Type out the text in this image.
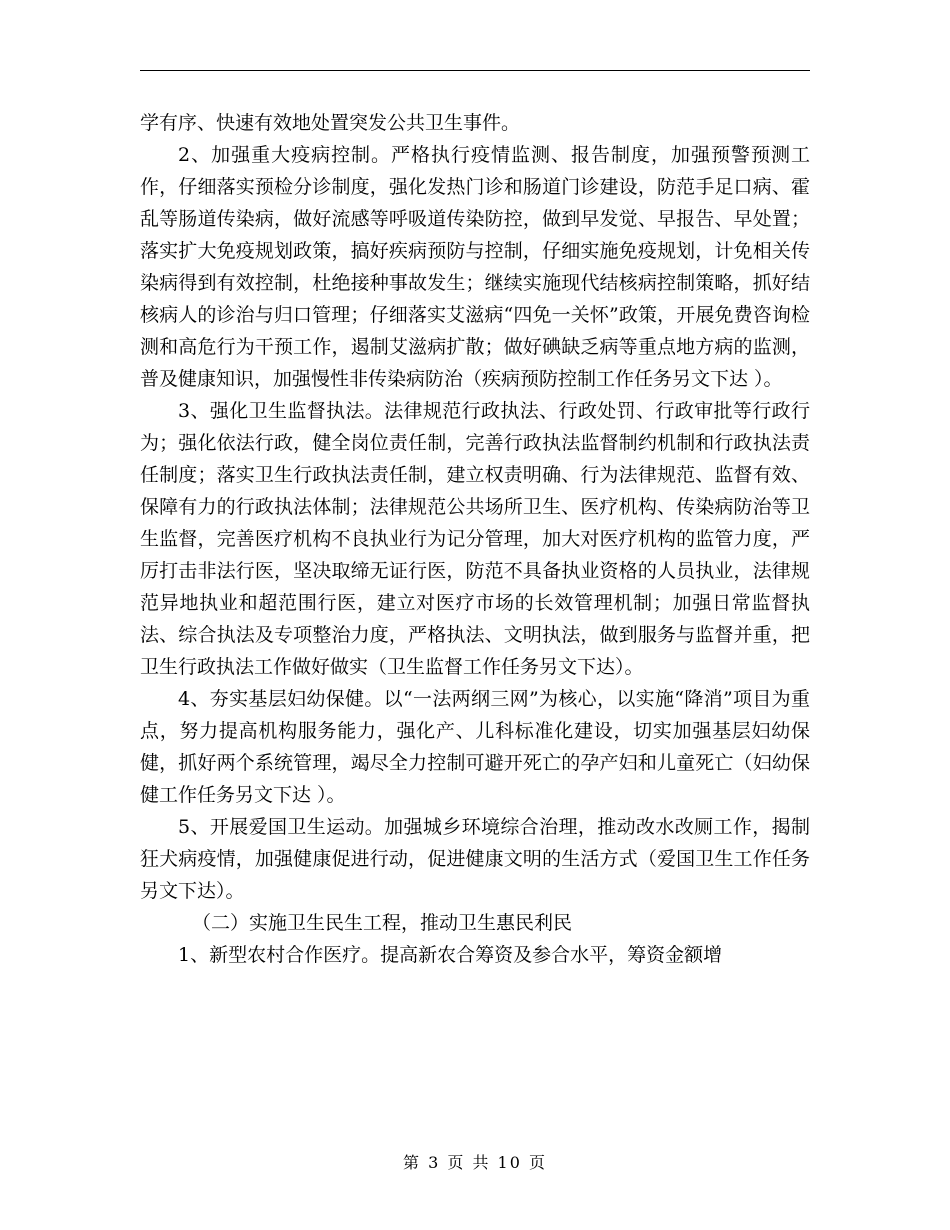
学有序、快速有效地处置突发公共卫生事件。

2、加强重大疫病控制。严格执行疫情监测、报告制度，加强预警预测工作，仔细落实预检分诊制度，强化发热门诊和肠道门诊建设，防范手足口病、霍乱等肠道传染病，做好流感等呼吸道传染防控，做到早发觉、早报告、早处置；落实扩大免疫规划政策，搞好疾病预防与控制，仔细实施免疫规划，计免相关传染病得到有效控制，杜绝接种事故发生；继续实施现代结核病控制策略，抓好结核病人的诊治与归口管理；仔细落实艾滋病“四免一关怀”政策，开展免费咨询检测和高危行为干预工作，遏制艾滋病扩散；做好碘缺乏病等重点地方病的监测，普及健康知识，加强慢性非传染病防治（疾病预防控制工作任务另文下达 ）。

3、强化卫生监督执法。法律规范行政执法、行政处罚、行政审批等行政行为；强化依法行政，健全岗位责任制，完善行政执法监督制约机制和行政执法责任制度；落实卫生行政执法责任制，建立权责明确、行为法律规范、监督有效、保障有力的行政执法体制；法律规范公共场所卫生、医疗机构、传染病防治等卫生监督，完善医疗机构不良执业行为记分管理，加大对医疗机构的监管力度，严厉打击非法行医，坚决取缔无证行医，防范不具备执业资格的人员执业，法律规范异地执业和超范围行医，建立对医疗市场的长效管理机制；加强日常监督执法、综合执法及专项整治力度，严格执法、文明执法，做到服务与监督并重，把卫生行政执法工作做好做实（卫生监督工作任务另文下达）。

4、夯实基层妇幼保健。以“一法两纲三网”为核心，以实施“降消”项目为重点，努力提高机构服务能力，强化产、儿科标准化建设，切实加强基层妇幼保健，抓好两个系统管理，竭尽全力控制可避开死亡的孕产妇和儿童死亡（妇幼保健工作任务另文下达 ）。

5、开展爱国卫生运动。加强城乡环境综合治理，推动改水改厕工作，揭制狂犬病疫情，加强健康促进行动，促进健康文明的生活方式（爱国卫生工作任务另文下达）。

（二）实施卫生民生工程，推动卫生惠民利民

1、新型农村合作医疗。提高新农合筹资及参合水平，筹资金额增

第 3 页 共 10 页
